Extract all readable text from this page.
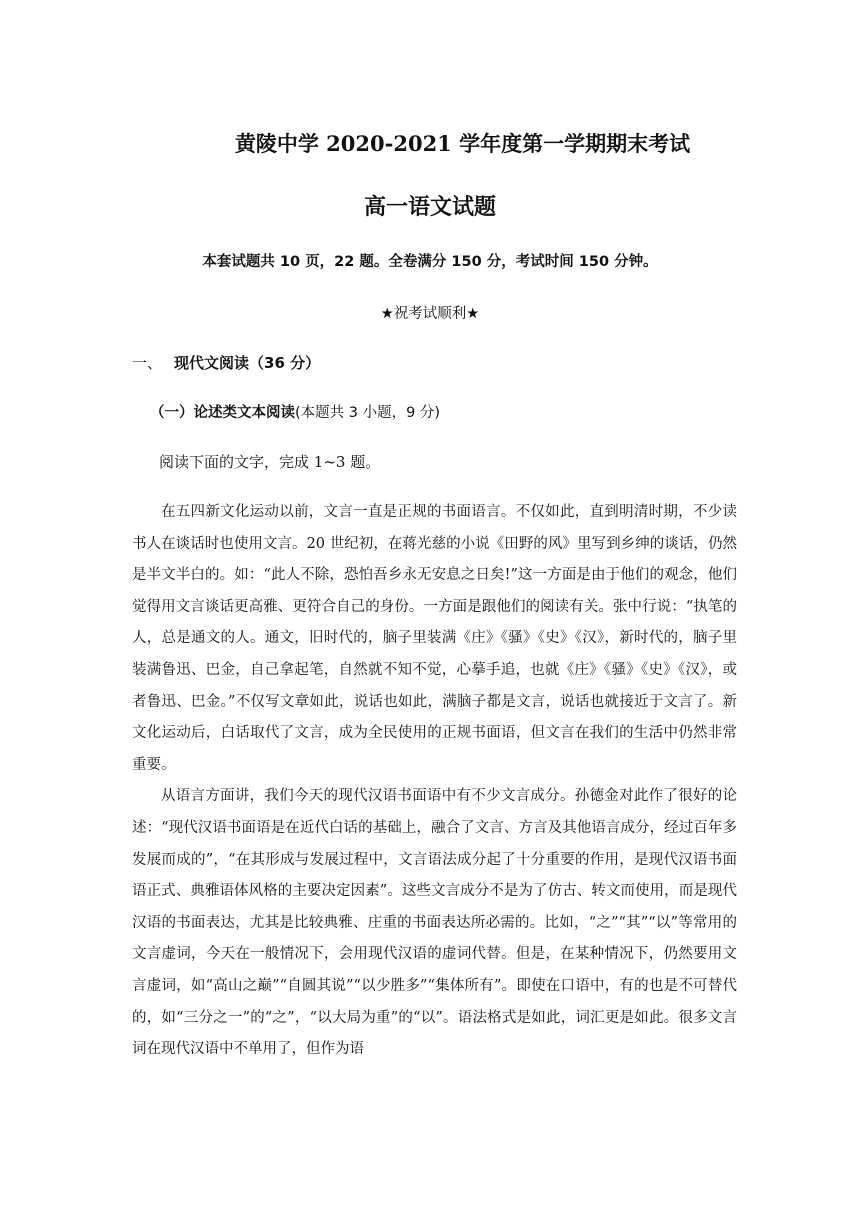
黄陵中学 2020-2021 学年度第一学期期末考试
高一语文试题
本套试题共 10 页，22 题。全卷满分 150 分，考试时间 150 分钟。
★祝考试顺利★
一、 现代文阅读（36 分）
（一）论述类文本阅读(本题共 3 小题，9 分)
阅读下面的文字，完成 1~3 题。

在五四新文化运动以前，文言一直是正规的书面语言。不仅如此，直到明清时期，不少读书人在谈话时也使用文言。20 世纪初，在蒋光慈的小说《田野的风》里写到乡绅的谈话，仍然是半文半白的。如：“此人不除，恐怕吾乡永无安息之日矣!”这一方面是由于他们的观念，他们觉得用文言谈话更高雅、更符合自己的身份。一方面是跟他们的阅读有关。张中行说：“执笔的人，总是通文的人。通文，旧时代的，脑子里装满《庄》《骚》《史》《汉》，新时代的，脑子里装满鲁迅、巴金，自己拿起笔，自然就不知不觉，心摹手追，也就《庄》《骚》《史》《汉》，或者鲁迅、巴金。”不仅写文章如此，说话也如此，满脑子都是文言，说话也就接近于文言了。新文化运动后，白话取代了文言，成为全民使用的正规书面语，但文言在我们的生活中仍然非常重要。

从语言方面讲，我们今天的现代汉语书面语中有不少文言成分。孙德金对此作了很好的论述：“现代汉语书面语是在近代白话的基础上，融合了文言、方言及其他语言成分，经过百年多发展而成的”，“在其形成与发展过程中，文言语法成分起了十分重要的作用，是现代汉语书面语正式、典雅语体风格的主要决定因素”。这些文言成分不是为了仿古、转文而使用，而是现代汉语的书面表达，尤其是比较典雅、庄重的书面表达所必需的。比如，“之”“其”“以”等常用的文言虚词，今天在一般情况下，会用现代汉语的虚词代替。但是，在某种情况下，仍然要用文言虚词，如“高山之巅”“自圆其说”“以少胜多”“集体所有”。即使在口语中，有的也是不可替代的，如“三分之一”的“之”，“以大局为重”的“以”。语法格式是如此，词汇更是如此。很多文言词在现代汉语中不单用了，但作为语
